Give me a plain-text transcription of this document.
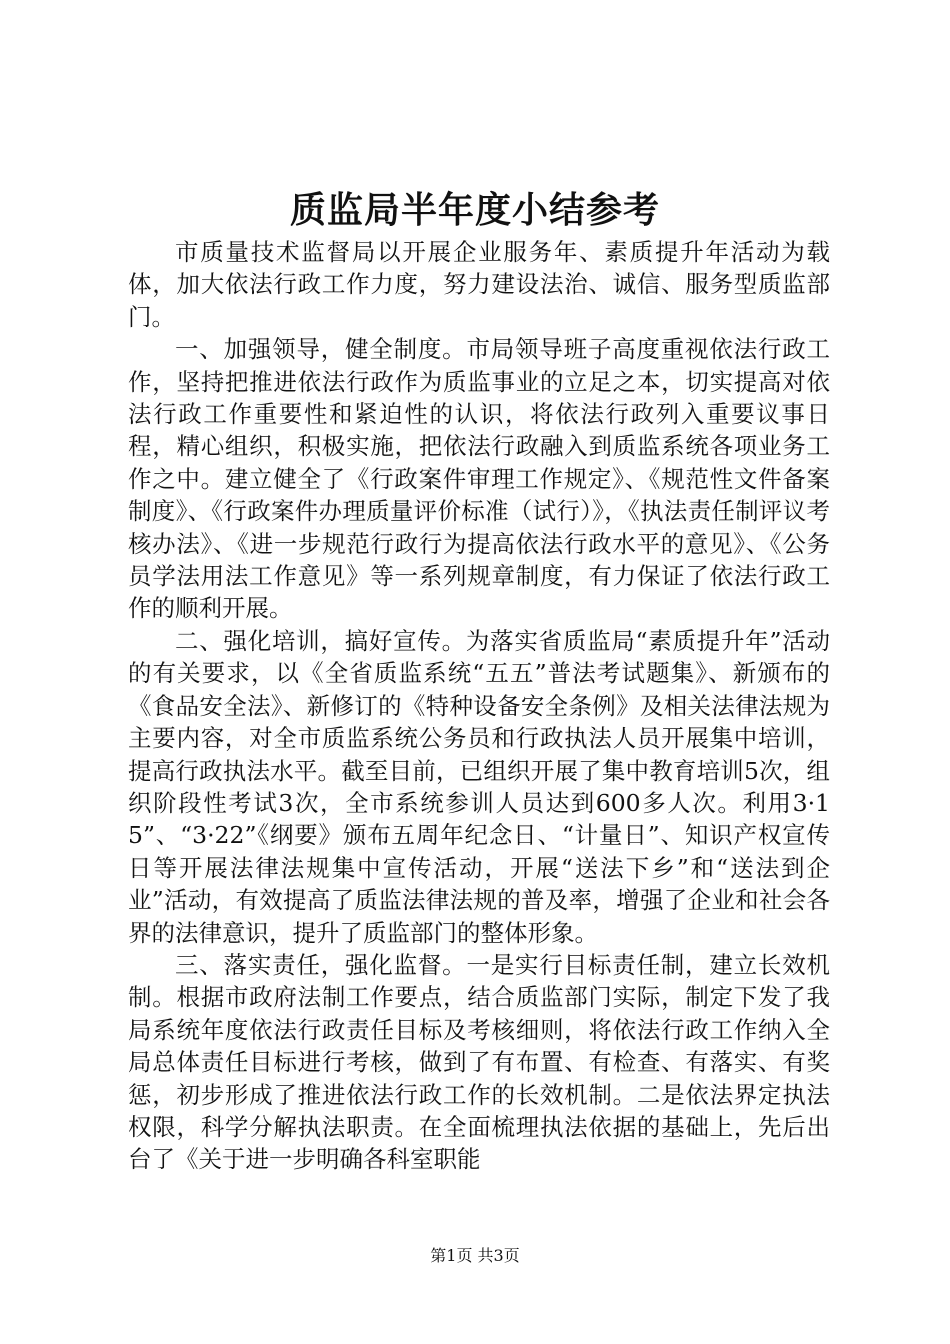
质监局半年度小结参考

市质量技术监督局以开展企业服务年、素质提升年活动为载体，加大依法行政工作力度，努力建设法治、诚信、服务型质监部门。

一、加强领导，健全制度。市局领导班子高度重视依法行政工作，坚持把推进依法行政作为质监事业的立足之本，切实提高对依法行政工作重要性和紧迫性的认识，将依法行政列入重要议事日程，精心组织，积极实施，把依法行政融入到质监系统各项业务工作之中。建立健全了《行政案件审理工作规定》、《规范性文件备案制度》、《行政案件办理质量评价标准（试行）》，《执法责任制评议考核办法》、《进一步规范行政行为提高依法行政水平的意见》、《公务员学法用法工作意见》等一系列规章制度，有力保证了依法行政工作的顺利开展。

二、强化培训，搞好宣传。为落实省质监局“素质提升年”活动的有关要求，以《全省质监系统“五五”普法考试题集》、新颁布的《食品安全法》、新修订的《特种设备安全条例》及相关法律法规为主要内容，对全市质监系统公务员和行政执法人员开展集中培训，提高行政执法水平。截至目前，已组织开展了集中教育培训5次，组织阶段性考试3次，全市系统参训人员达到600多人次。利用3·15”、“3·22”《纲要》颁布五周年纪念日、“计量日”、知识产权宣传日等开展法律法规集中宣传活动，开展“送法下乡”和“送法到企业”活动，有效提高了质监法律法规的普及率，增强了企业和社会各界的法律意识，提升了质监部门的整体形象。

三、落实责任，强化监督。一是实行目标责任制，建立长效机制。根据市政府法制工作要点，结合质监部门实际，制定下发了我局系统年度依法行政责任目标及考核细则，将依法行政工作纳入全局总体责任目标进行考核，做到了有布置、有检查、有落实、有奖惩，初步形成了推进依法行政工作的长效机制。二是依法界定执法权限，科学分解执法职责。在全面梳理执法依据的基础上，先后出台了《关于进一步明确各科室职能

第1页 共3页
